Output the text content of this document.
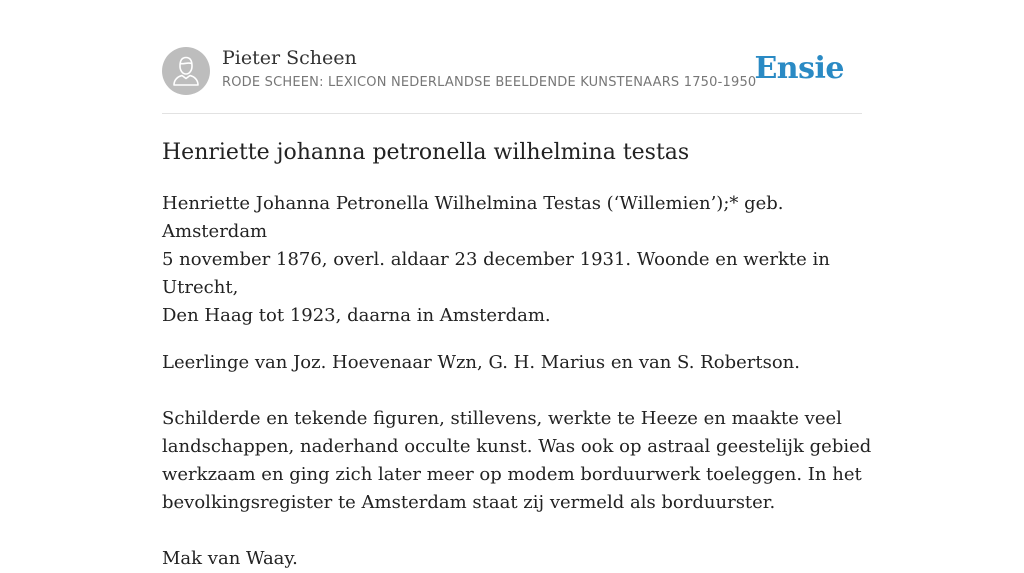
Pieter Scheen
RODE SCHEEN: LEXICON NEDERLANDSE BEELDENDE KUNSTENAARS 1750-1950
Ensie
Henriette johanna petronella wilhelmina testas

Henriette Johanna Petronella Wilhelmina Testas (‘Willemien’);* geb. Amsterdam
5 november 1876, overl. aldaar 23 december 1931. Woonde en werkte in Utrecht,
Den Haag tot 1923, daarna in Amsterdam.

Leerlinge van Joz. Hoevenaar Wzn, G. H. Marius en van S. Robertson.

Schilderde en tekende figuren, stillevens, werkte te Heeze en maakte veel
landschappen, naderhand occulte kunst. Was ook op astraal geestelijk gebied
werkzaam en ging zich later meer op modem borduurwerk toeleggen. In het
bevolkingsregister te Amsterdam staat zij vermeld als borduurster.

Mak van Waay.
